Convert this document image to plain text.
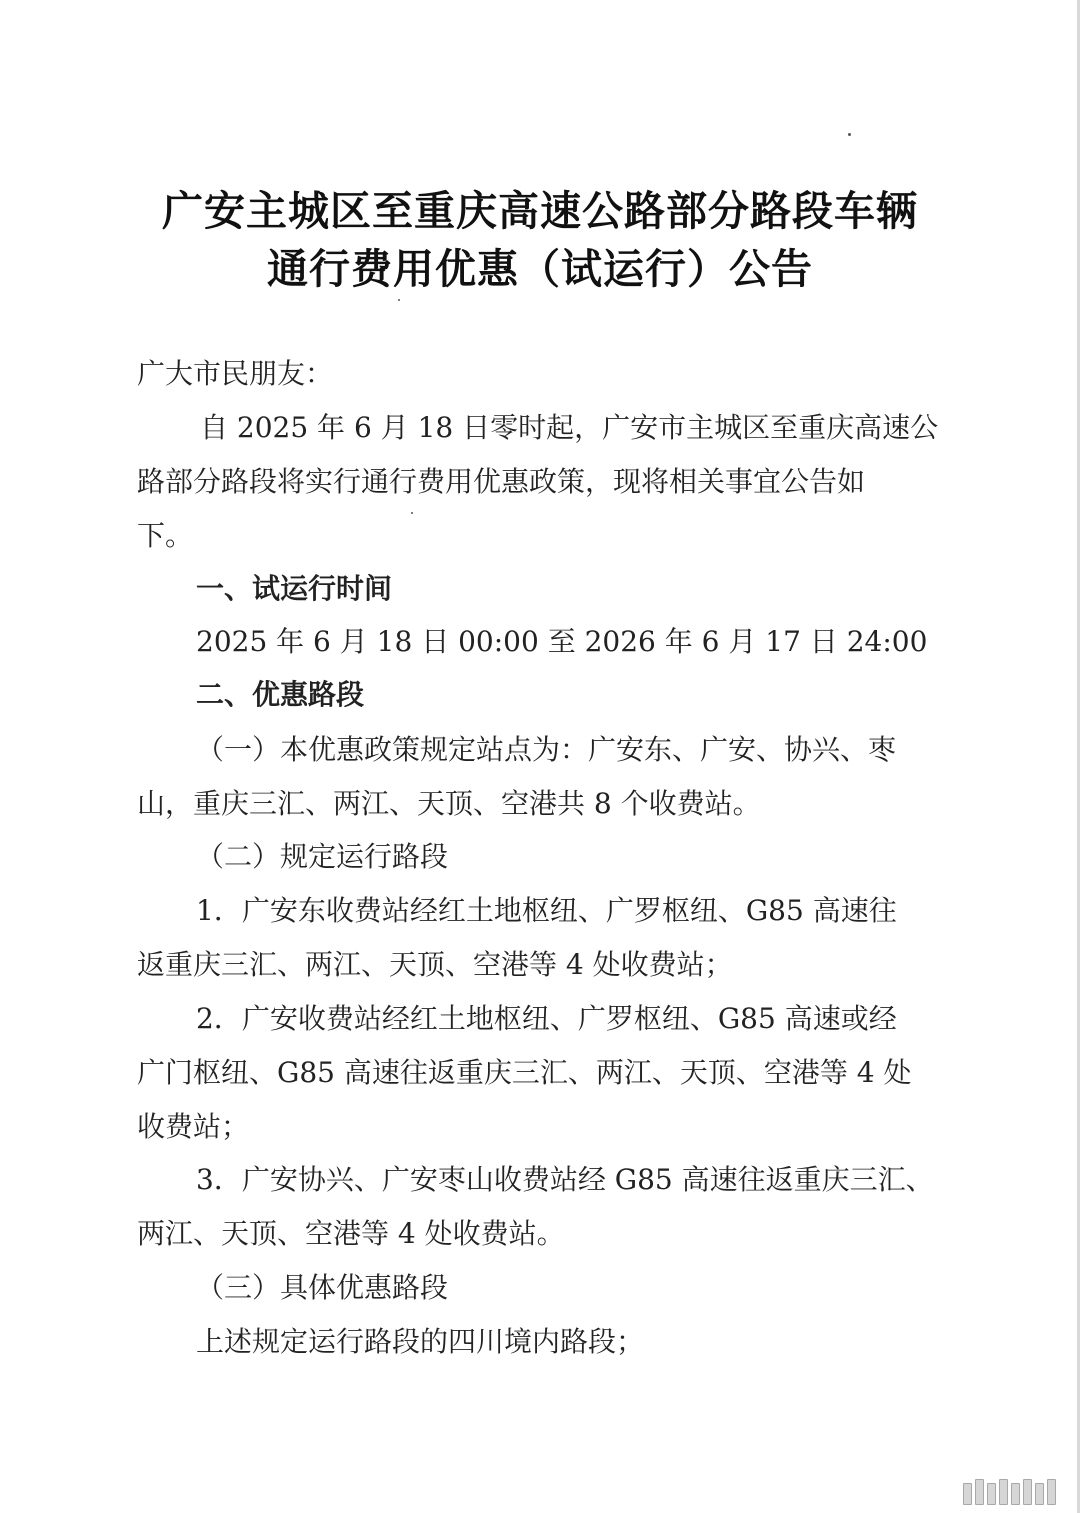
广安主城区至重庆高速公路部分路段车辆
通行费用优惠（试运行）公告
广大市民朋友：
自 2025 年 6 月 18 日零时起，广安市主城区至重庆高速公
路部分路段将实行通行费用优惠政策，现将相关事宜公告如
下。
一、试运行时间
2025 年 6 月 18 日 00:00 至 2026 年 6 月 17 日 24:00
二、优惠路段
（一）本优惠政策规定站点为：广安东、广安、协兴、枣
山，重庆三汇、两江、天顶、空港共 8 个收费站。
（二）规定运行路段
1．广安东收费站经红土地枢纽、广罗枢纽、G85 高速往
返重庆三汇、两江、天顶、空港等 4 处收费站；
2．广安收费站经红土地枢纽、广罗枢纽、G85 高速或经
广门枢纽、G85 高速往返重庆三汇、两江、天顶、空港等 4 处
收费站；
3．广安协兴、广安枣山收费站经 G85 高速往返重庆三汇、
两江、天顶、空港等 4 处收费站。
（三）具体优惠路段
上述规定运行路段的四川境内路段；
